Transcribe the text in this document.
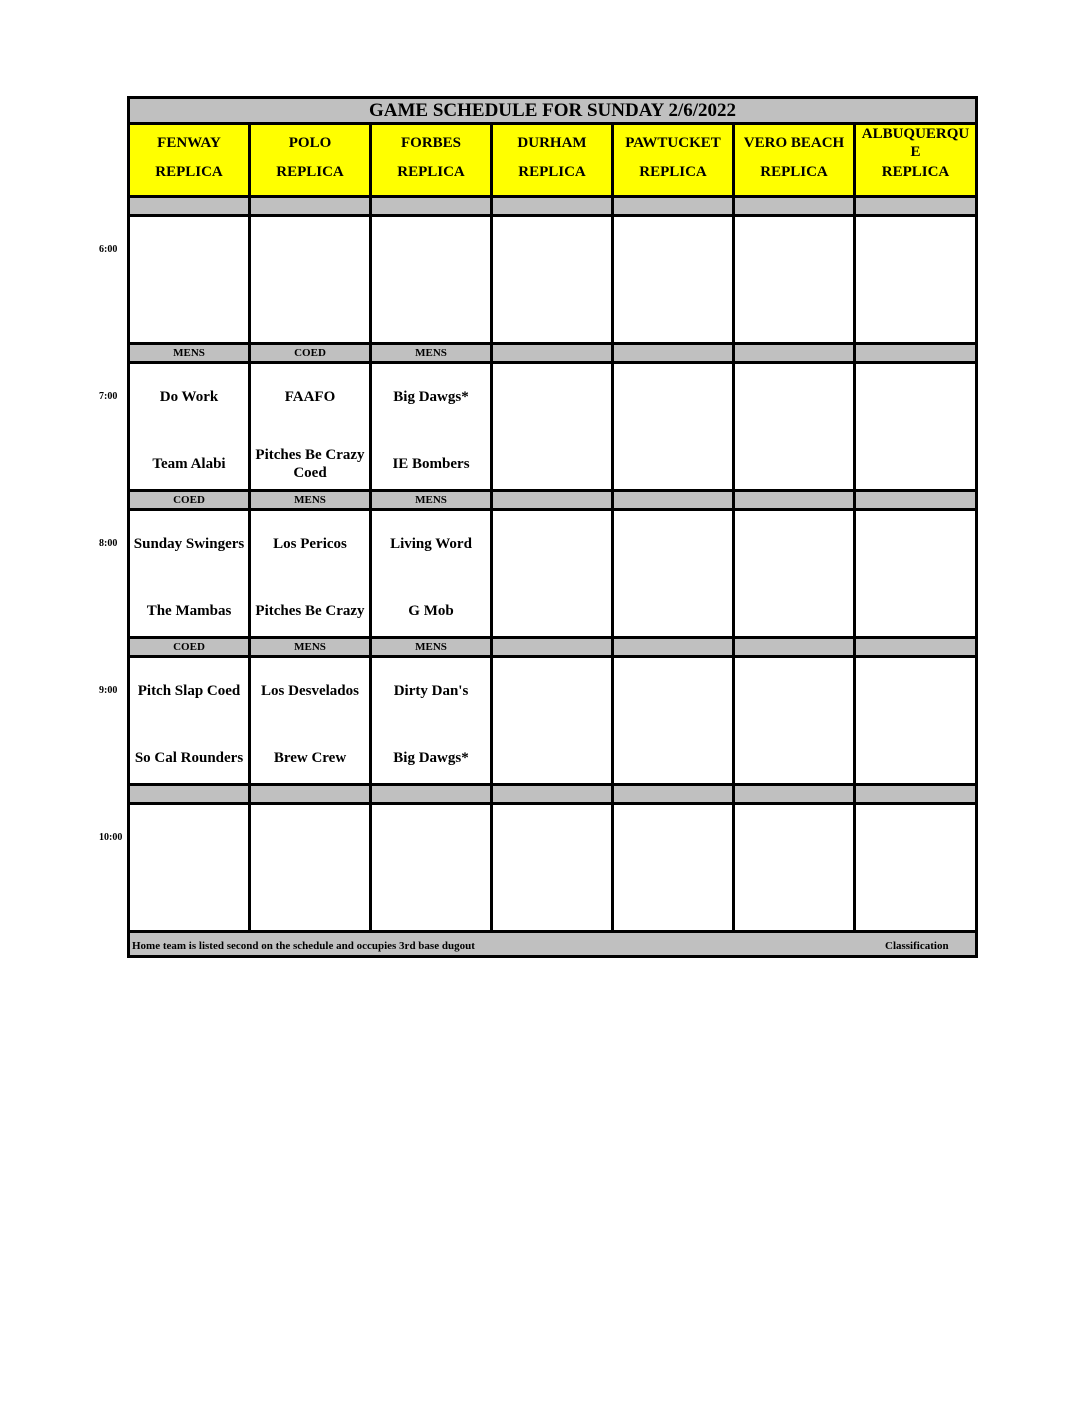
GAME SCHEDULE FOR SUNDAY 2/6/2022
FENWAY
REPLICA
POLO
REPLICA
FORBES
REPLICA
DURHAM
REPLICA
PAWTUCKET
REPLICA
VERO BEACH
REPLICA
ALBUQUERQU E
REPLICA
MENS
Do Work
Team Alabi
COED
FAAFO
Pitches Be Crazy Coed
MENS
Big Dawgs*
IE Bombers
COED
Sunday Swingers
The Mambas
MENS
Los Pericos
Pitches Be Crazy
MENS
Living Word
G Mob
COED
Pitch Slap Coed
So Cal Rounders
MENS
Los Desvelados
Brew Crew
MENS
Dirty Dan's
Big Dawgs*
Home team is listed second on the schedule and occupies 3rd base dugout	Classification
6:00
7:00
8:00
9:00
10:00
